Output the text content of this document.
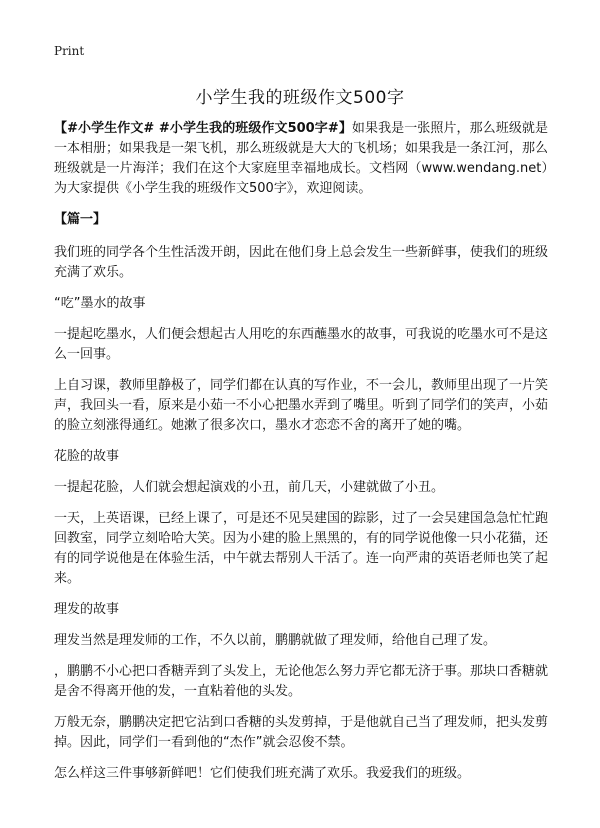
Print
小学生我的班级作文500字

【#小学生作文# #小学生我的班级作文500字#】如果我是一张照片，那么班级就是一本相册；如果我是一架飞机，那么班级就是大大的飞机场；如果我是一条江河，那么班级就是一片海洋；我们在这个大家庭里幸福地成长。文档网（www.wendang.net）为大家提供《小学生我的班级作文500字》，欢迎阅读。

【篇一】

我们班的同学各个生性活泼开朗，因此在他们身上总会发生一些新鲜事，使我们的班级充满了欢乐。

“吃”墨水的故事

一提起吃墨水，人们便会想起古人用吃的东西蘸墨水的故事，可我说的吃墨水可不是这么一回事。

上自习课，教师里静极了，同学们都在认真的写作业，不一会儿，教师里出现了一片笑声，我回头一看，原来是小茹一不小心把墨水弄到了嘴里。听到了同学们的笑声，小茹的脸立刻涨得通红。她漱了很多次口，墨水才恋恋不舍的离开了她的嘴。

花脸的故事

一提起花脸，人们就会想起演戏的小丑，前几天，小建就做了小丑。

一天，上英语课，已经上课了，可是还不见吴建国的踪影，过了一会吴建国急急忙忙跑回教室，同学立刻哈哈大笑。因为小建的脸上黑黑的，有的同学说他像一只小花猫，还有的同学说他是在体验生活，中午就去帮别人干活了。连一向严肃的英语老师也笑了起来。

理发的故事

理发当然是理发师的工作，不久以前，鹏鹏就做了理发师，给他自己理了发。

，鹏鹏不小心把口香糖弄到了头发上，无论他怎么努力弄它都无济于事。那块口香糖就是舍不得离开他的发，一直粘着他的头发。

万般无奈，鹏鹏决定把它沾到口香糖的头发剪掉，于是他就自己当了理发师，把头发剪掉。因此，同学们一看到他的“杰作”就会忍俊不禁。

怎么样这三件事够新鲜吧！它们使我们班充满了欢乐。我爱我们的班级。
